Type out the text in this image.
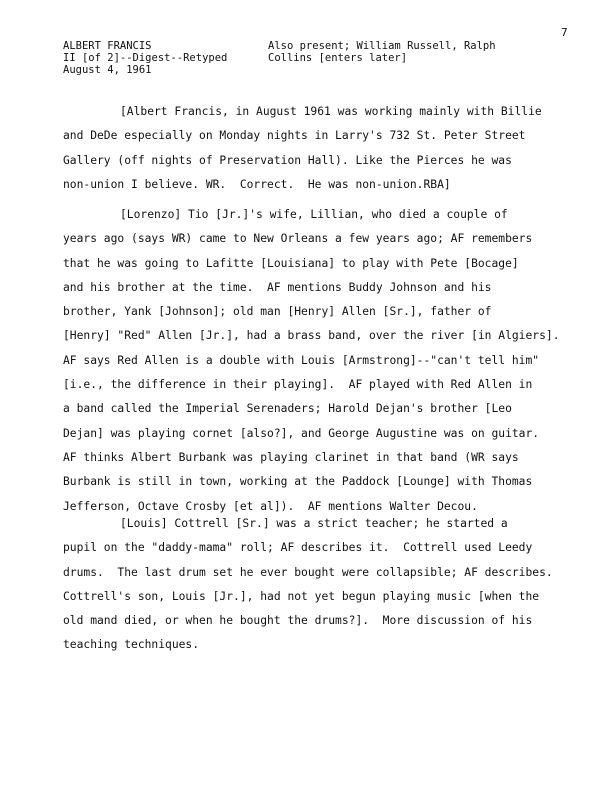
7
ALBERT FRANCIS
II [of 2]--Digest--Retyped
August 4, 1961
Also present; William Russell, Ralph
Collins [enters later]
[Albert Francis, in August 1961 was working mainly with Billie
and DeDe especially on Monday nights in Larry's 732 St. Peter Street
Gallery (off nights of Preservation Hall). Like the Pierces he was
non-union I believe. WR.  Correct.  He was non-union.RBA]
[Lorenzo] Tio [Jr.]'s wife, Lillian, who died a couple of
years ago (says WR) came to New Orleans a few years ago; AF remembers
that he was going to Lafitte [Louisiana] to play with Pete [Bocage]
and his brother at the time.  AF mentions Buddy Johnson and his
brother, Yank [Johnson]; old man [Henry] Allen [Sr.], father of
[Henry] "Red" Allen [Jr.], had a brass band, over the river [in Algiers].
AF says Red Allen is a double with Louis [Armstrong]--"can't tell him"
[i.e., the difference in their playing].  AF played with Red Allen in
a band called the Imperial Serenaders; Harold Dejan's brother [Leo
Dejan] was playing cornet [also?], and George Augustine was on guitar.
AF thinks Albert Burbank was playing clarinet in that band (WR says
Burbank is still in town, working at the Paddock [Lounge] with Thomas
Jefferson, Octave Crosby [et al]).  AF mentions Walter Decou.
[Louis] Cottrell [Sr.] was a strict teacher; he started a
pupil on the "daddy-mama" roll; AF describes it.  Cottrell used Leedy
drums.  The last drum set he ever bought were collapsible; AF describes.
Cottrell's son, Louis [Jr.], had not yet begun playing music [when the
old mand died, or when he bought the drums?].  More discussion of his
teaching techniques.
